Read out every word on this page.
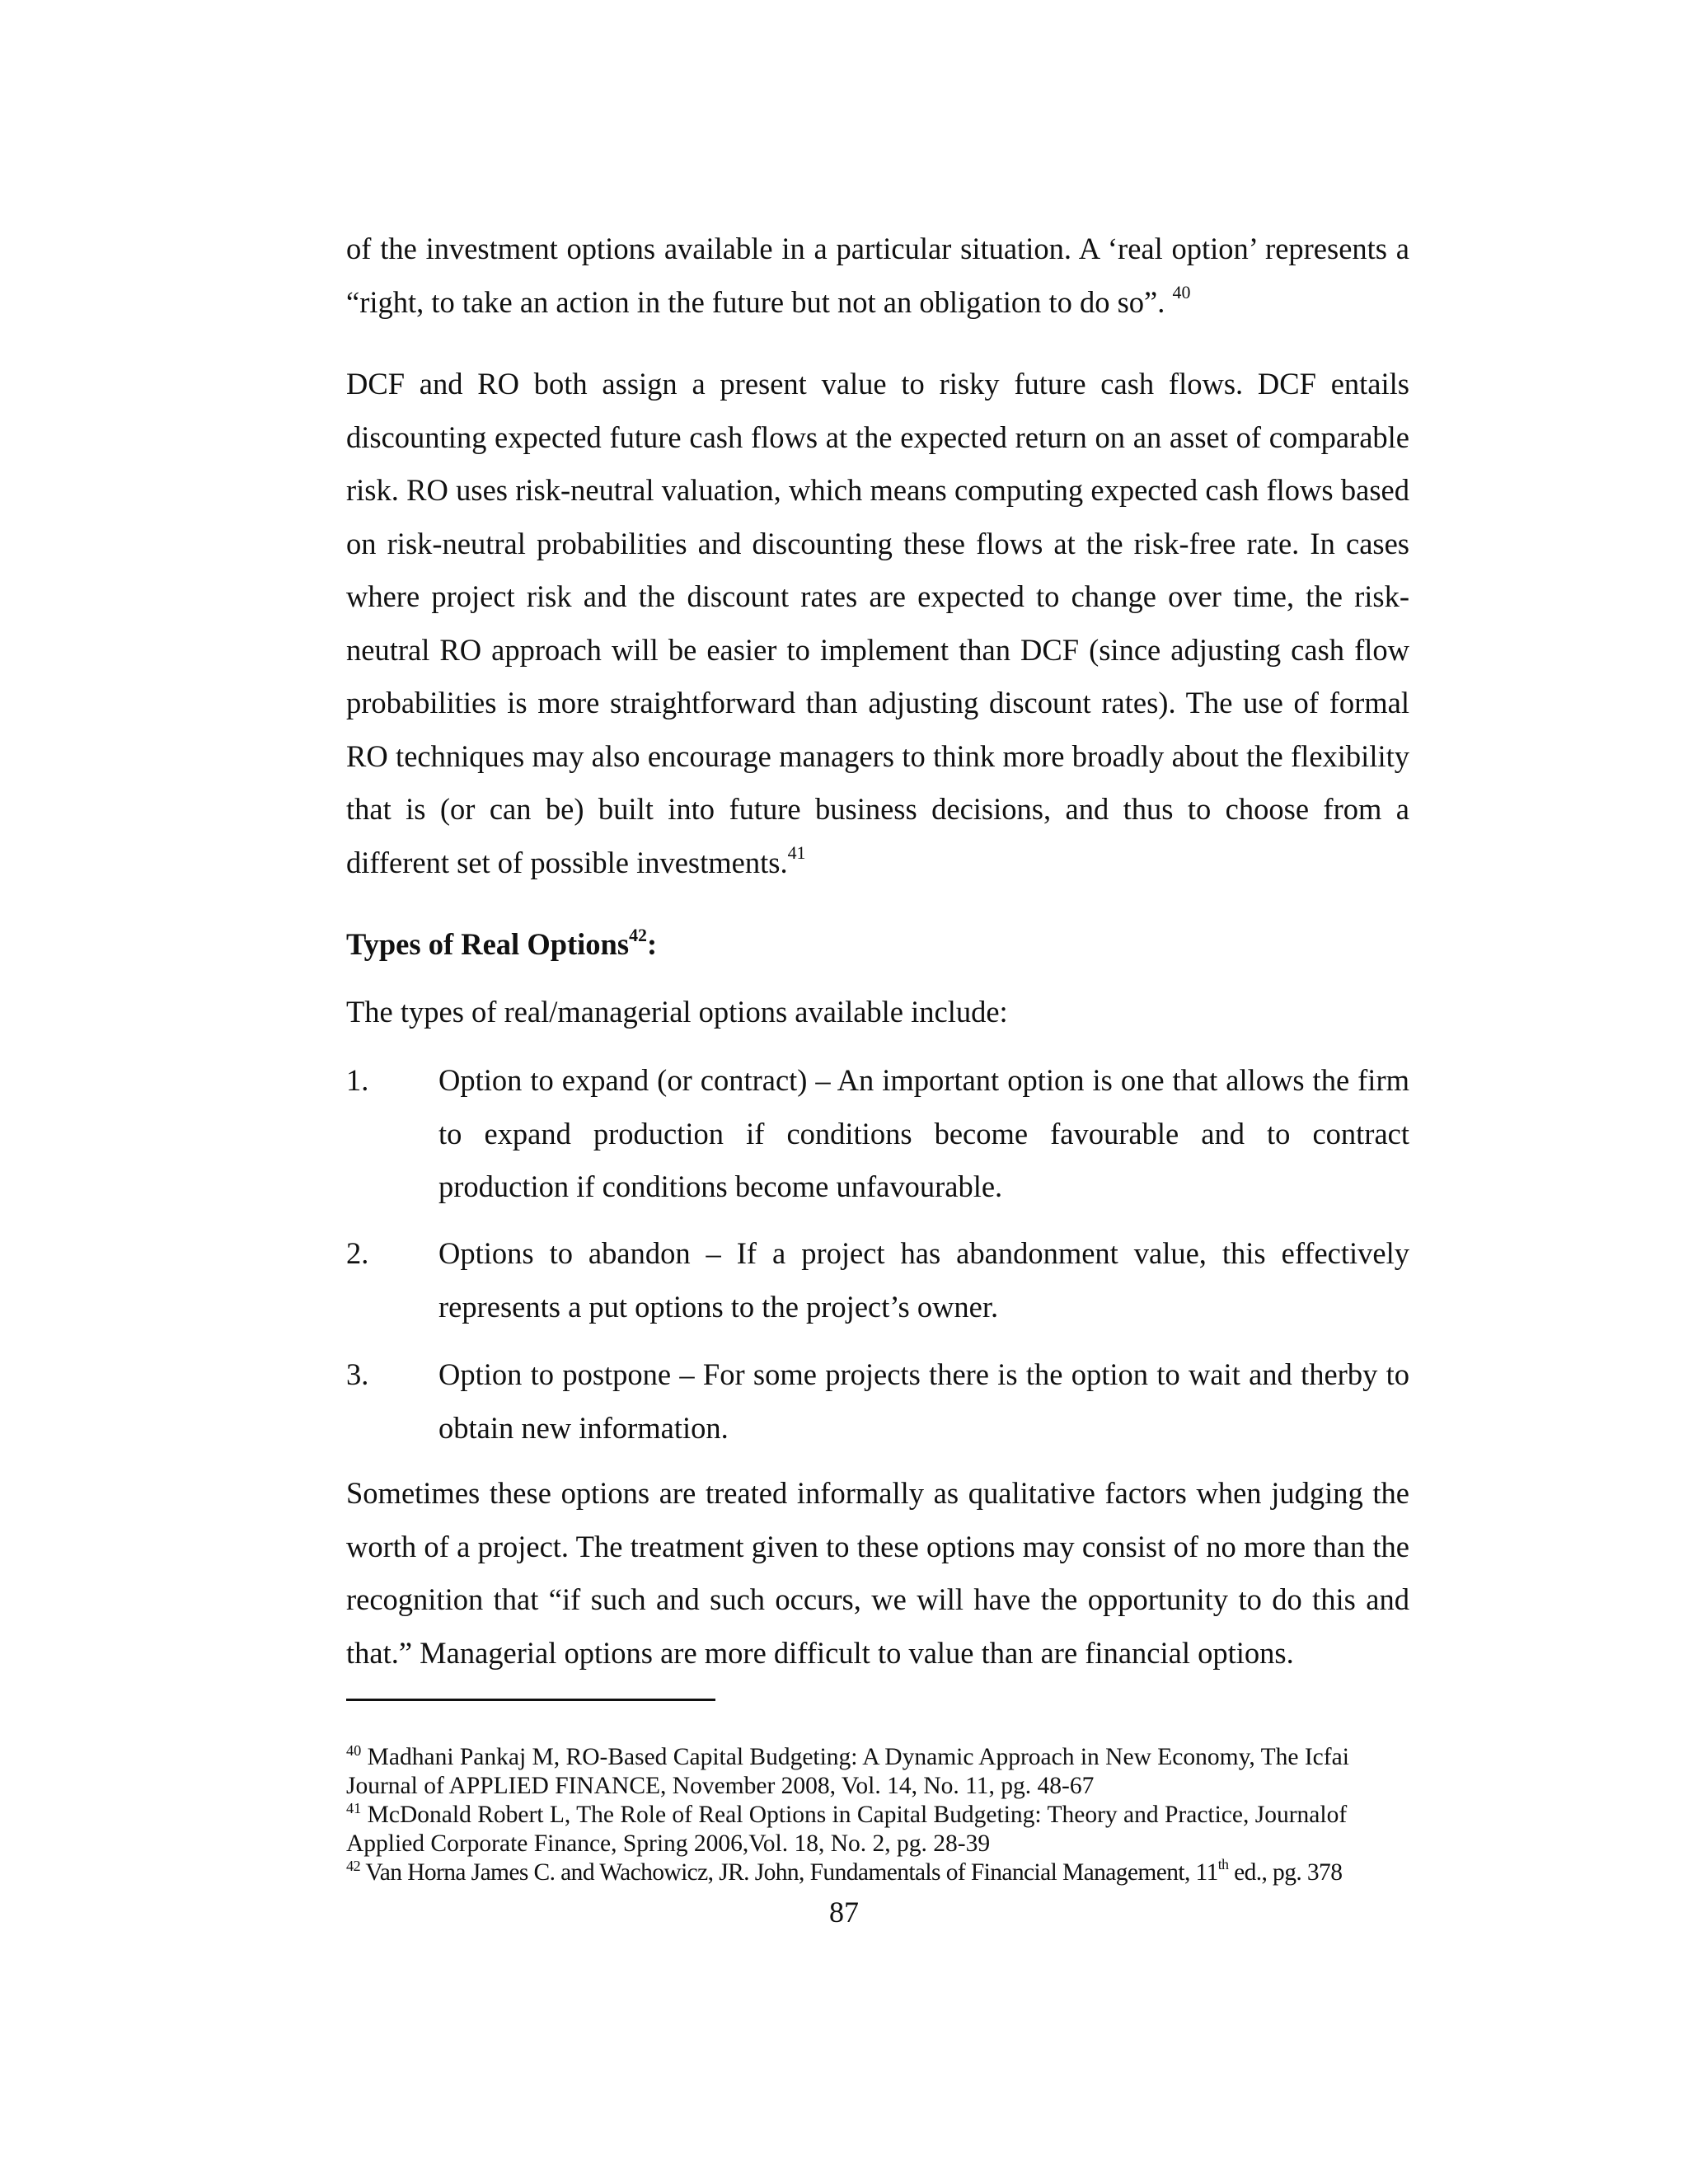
of the investment options available in a particular situation. A ‘real option’ represents a “right, to take an action in the future but not an obligation to do so”. $^{40}$
DCF and RO both assign a present value to risky future cash flows. DCF entails discounting expected future cash flows at the expected return on an asset of comparable risk. RO uses risk-neutral valuation, which means computing expected cash flows based on risk-neutral probabilities and discounting these flows at the risk-free rate. In cases where project risk and the discount rates are expected to change over time, the risk-neutral RO approach will be easier to implement than DCF (since adjusting cash flow probabilities is more straightforward than adjusting discount rates). The use of formal RO techniques may also encourage managers to think more broadly about the flexibility that is (or can be) built into future business decisions, and thus to choose from a different set of possible investments.$^{41}$
Types of Real Options$^{42}$:
The types of real/managerial options available include:
1. Option to expand (or contract) – An important option is one that allows the firm to expand production if conditions become favourable and to contract production if conditions become unfavourable.
2. Options to abandon – If a project has abandonment value, this effectively represents a put options to the project’s owner.
3. Option to postpone – For some projects there is the option to wait and therby to obtain new information.
Sometimes these options are treated informally as qualitative factors when judging the worth of a project. The treatment given to these options may consist of no more than the recognition that “if such and such occurs, we will have the opportunity to do this and that.” Managerial options are more difficult to value than are financial options.

$^{40}$ Madhani Pankaj M, RO-Based Capital Budgeting: A Dynamic Approach in New Economy, The Icfai Journal of APPLIED FINANCE, November 2008, Vol. 14, No. 11, pg. 48-67

$^{41}$ McDonald Robert L, The Role of Real Options in Capital Budgeting: Theory and Practice, Journalof Applied Corporate Finance, Spring 2006,Vol. 18, No. 2, pg. 28-39

$^{42}$ Van Horna James C. and Wachowicz, JR. John, Fundamentals of Financial Management, 11th ed., pg. 378

87
